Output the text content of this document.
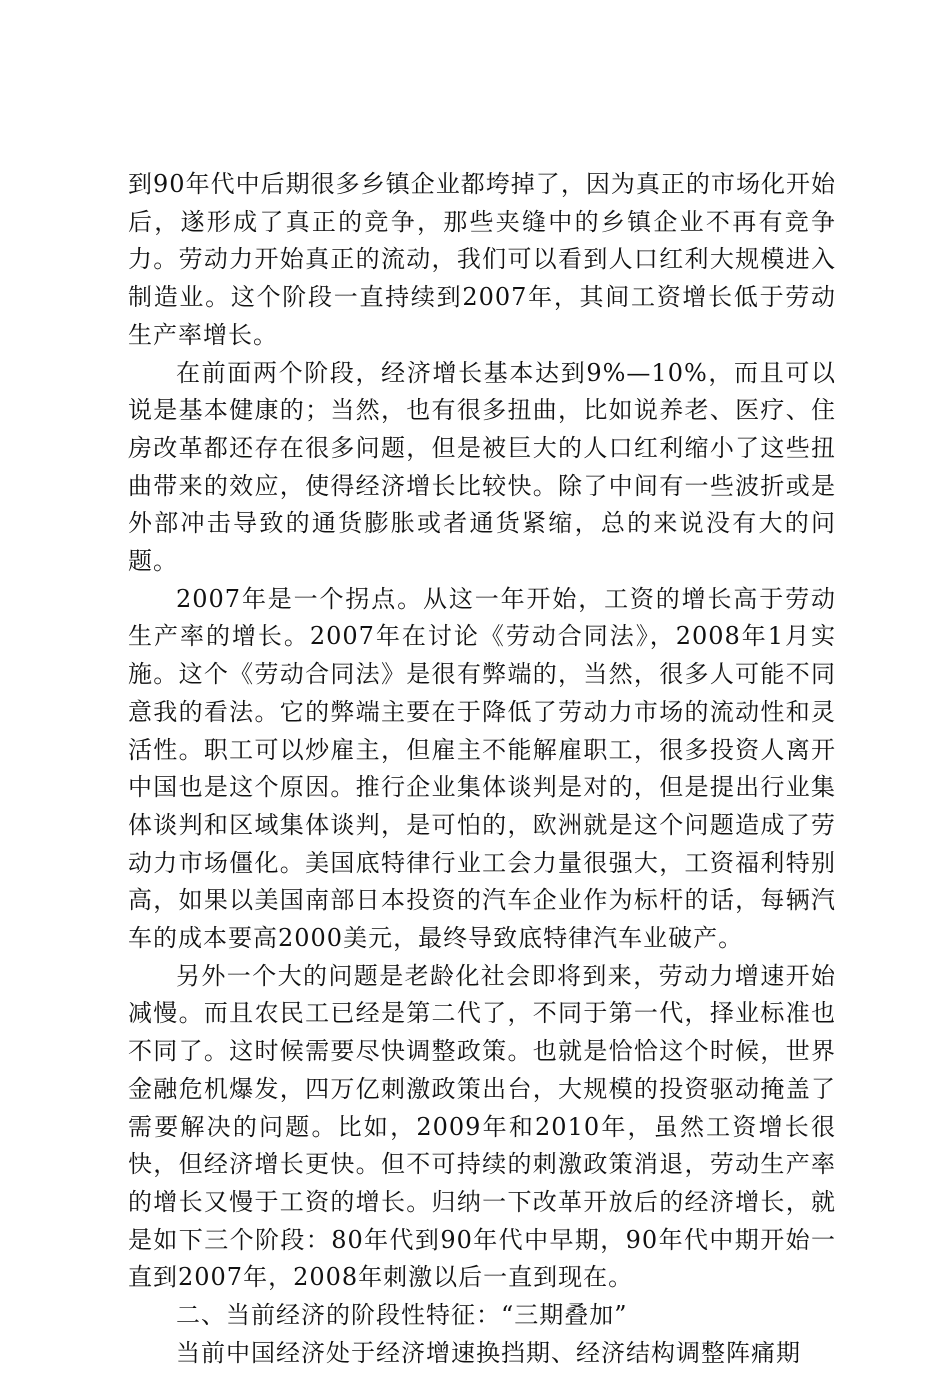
到90年代中后期很多乡镇企业都垮掉了，因为真正的市场化开始后，遂形成了真正的竞争，那些夹缝中的乡镇企业不再有竞争力。劳动力开始真正的流动，我们可以看到人口红利大规模进入制造业。这个阶段一直持续到2007年，其间工资增长低于劳动生产率增长。

在前面两个阶段，经济增长基本达到9%—10%，而且可以说是基本健康的；当然，也有很多扭曲，比如说养老、医疗、住房改革都还存在很多问题，但是被巨大的人口红利缩小了这些扭曲带来的效应，使得经济增长比较快。除了中间有一些波折或是外部冲击导致的通货膨胀或者通货紧缩，总的来说没有大的问题。

2007年是一个拐点。从这一年开始，工资的增长高于劳动生产率的增长。2007年在讨论《劳动合同法》，2008年1月实施。这个《劳动合同法》是很有弊端的，当然，很多人可能不同意我的看法。它的弊端主要在于降低了劳动力市场的流动性和灵活性。职工可以炒雇主，但雇主不能解雇职工，很多投资人离开中国也是这个原因。推行企业集体谈判是对的，但是提出行业集体谈判和区域集体谈判，是可怕的，欧洲就是这个问题造成了劳动力市场僵化。美国底特律行业工会力量很强大，工资福利特别高，如果以美国南部日本投资的汽车企业作为标杆的话，每辆汽车的成本要高2000美元，最终导致底特律汽车业破产。

另外一个大的问题是老龄化社会即将到来，劳动力增速开始减慢。而且农民工已经是第二代了，不同于第一代，择业标准也不同了。这时候需要尽快调整政策。也就是恰恰这个时候，世界金融危机爆发，四万亿刺激政策出台，大规模的投资驱动掩盖了需要解决的问题。比如，2009年和2010年，虽然工资增长很快，但经济增长更快。但不可持续的刺激政策消退，劳动生产率的增长又慢于工资的增长。归纳一下改革开放后的经济增长，就是如下三个阶段：80年代到90年代中早期，90年代中期开始一直到2007年，2008年刺激以后一直到现在。

二、当前经济的阶段性特征：“三期叠加”

当前中国经济处于经济增速换挡期、经济结构调整阵痛期
